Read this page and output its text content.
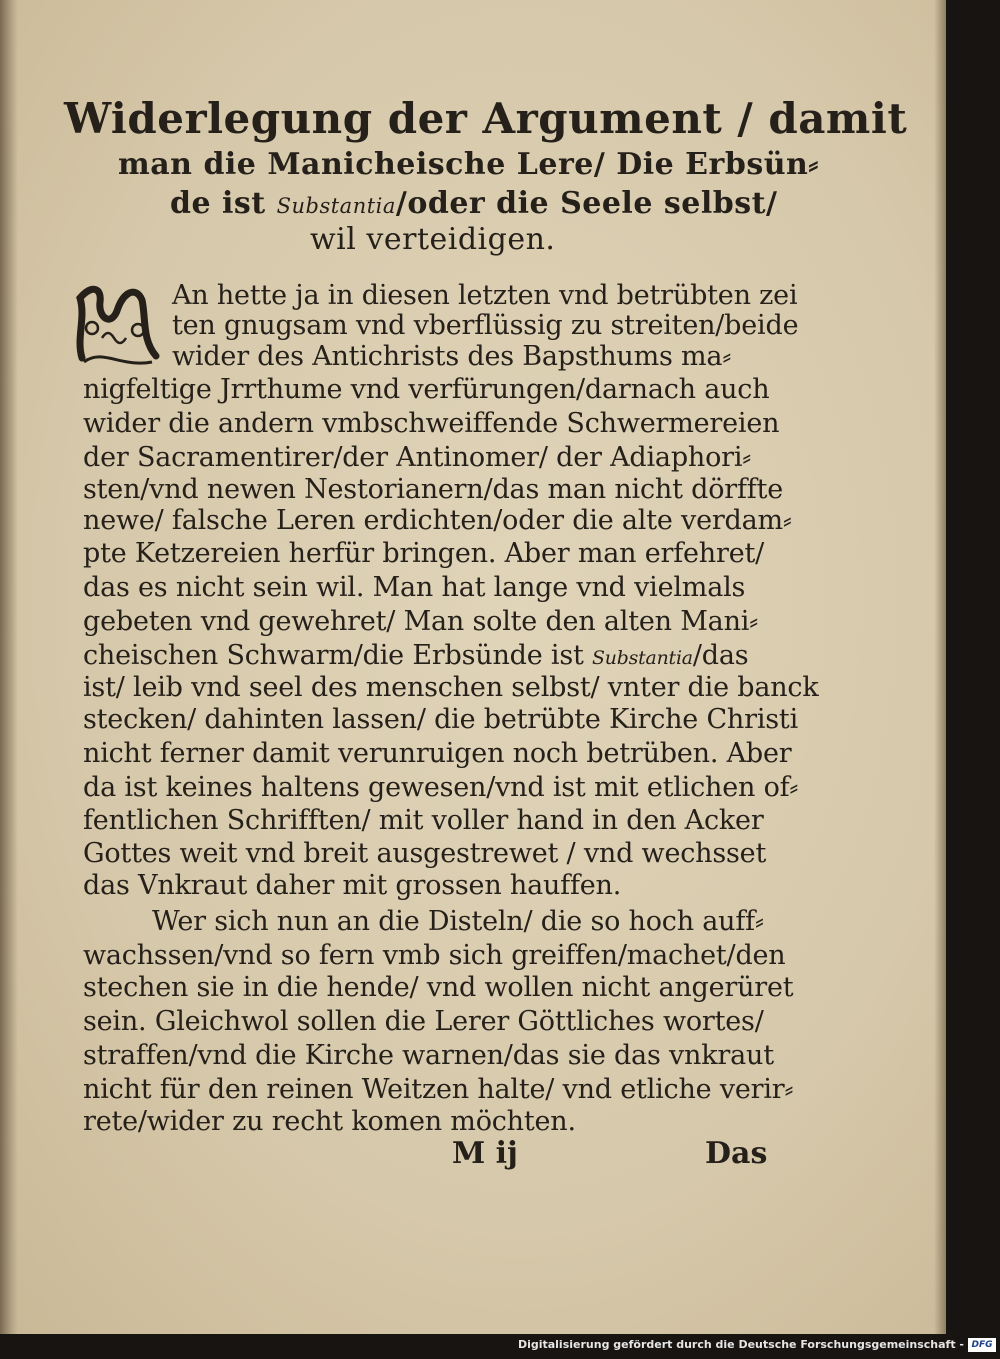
Widerlegung der Argument / damit
man die Manicheische Lere/ Die Erbsün⸗
de ist Substantia/oder die Seele selbst/
wil verteidigen.
An hette ja in diesen letzten vnd betrübten zei
ten gnugsam vnd vberflüssig zu streiten/beide
wider des Antichrists des Bapsthums ma⸗
nigfeltige Jrrthume vnd verfürungen/darnach auch
wider die andern vmbschweiffende Schwermereien
der Sacramentirer/der Antinomer/ der Adiaphori⸗
sten/vnd newen Nestorianern/das man nicht dörffte
newe/ falsche Leren erdichten/oder die alte verdam⸗
pte Ketzereien herfür bringen. Aber man erfehret/
das es nicht sein wil. Man hat lange vnd vielmals
gebeten vnd gewehret/ Man solte den alten Mani⸗
cheischen Schwarm/die Erbsünde ist Substantia/das
ist/ leib vnd seel des menschen selbst/ vnter die banck
stecken/ dahinten lassen/ die betrübte Kirche Christi
nicht ferner damit verunruigen noch betrüben. Aber
da ist keines haltens gewesen/vnd ist mit etlichen of⸗
fentlichen Schrifften/ mit voller hand in den Acker
Gottes weit vnd breit ausgestrewet / vnd wechsset
das Vnkraut daher mit grossen hauffen.
Wer sich nun an die Disteln/ die so hoch auff⸗
wachssen/vnd so fern vmb sich greiffen/machet/den
stechen sie in die hende/ vnd wollen nicht angerüret
sein. Gleichwol sollen die Lerer Göttliches wortes/
straffen/vnd die Kirche warnen/das sie das vnkraut
nicht für den reinen Weitzen halte/ vnd etliche verir⸗
rete/wider zu recht komen möchten.
M ij	Das
Digitalisierung gefördert durch die Deutsche Forschungsgemeinschaft - DFG
